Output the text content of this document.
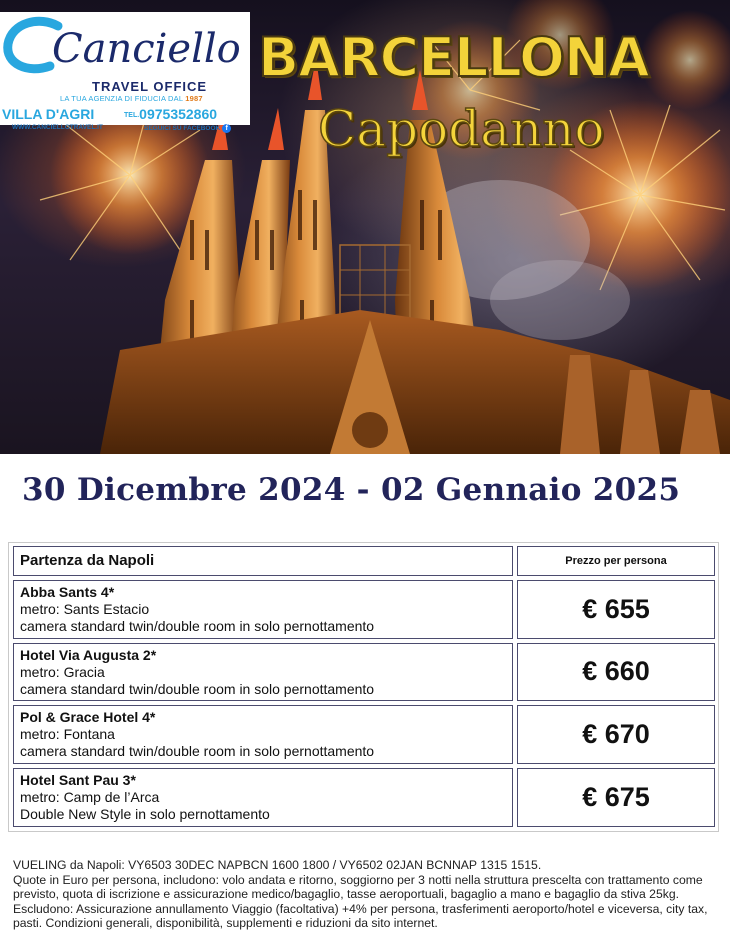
Canciello
TRAVEL OFFICE
LA TUA AGENZIA DI FIDUCIA DAL 1987
VILLA D'AGRI	TEL.0975352860
WWW.CANCIELLOTRAVEL.IT	SEGUICI SU FACEBOOK f
BARCELLONA
Capodanno
30 Dicembre 2024 - 02 Gennaio 2025
Partenza da Napoli	Prezzo per persona
Abba Sants 4*
metro: Sants Estacio
camera standard twin/double room in solo pernottamento
€ 655
Hotel Via Augusta 2*
metro: Gracia
camera standard twin/double room in solo pernottamento
€ 660
Pol & Grace Hotel 4*
metro: Fontana
camera standard twin/double room in solo pernottamento
€ 670
Hotel Sant Pau 3*
metro: Camp de l’Arca
Double New Style in solo pernottamento
€ 675
VUELING da Napoli: VY6503 30DEC NAPBCN 1600 1800 / VY6502 02JAN BCNNAP 1315 1515.
Quote in Euro per persona, includono: volo andata e ritorno, soggiorno per 3 notti nella struttura prescelta con trattamento come
previsto, quota di iscrizione e assicurazione medico/bagaglio, tasse aeroportuali, bagaglio a mano e bagaglio da stiva 25kg.
Escludono: Assicurazione annullamento Viaggio (facoltativa) +4% per persona, trasferimenti aeroporto/hotel e viceversa, city tax,
pasti. Condizioni generali, disponibilità, supplementi e riduzioni da sito internet.
